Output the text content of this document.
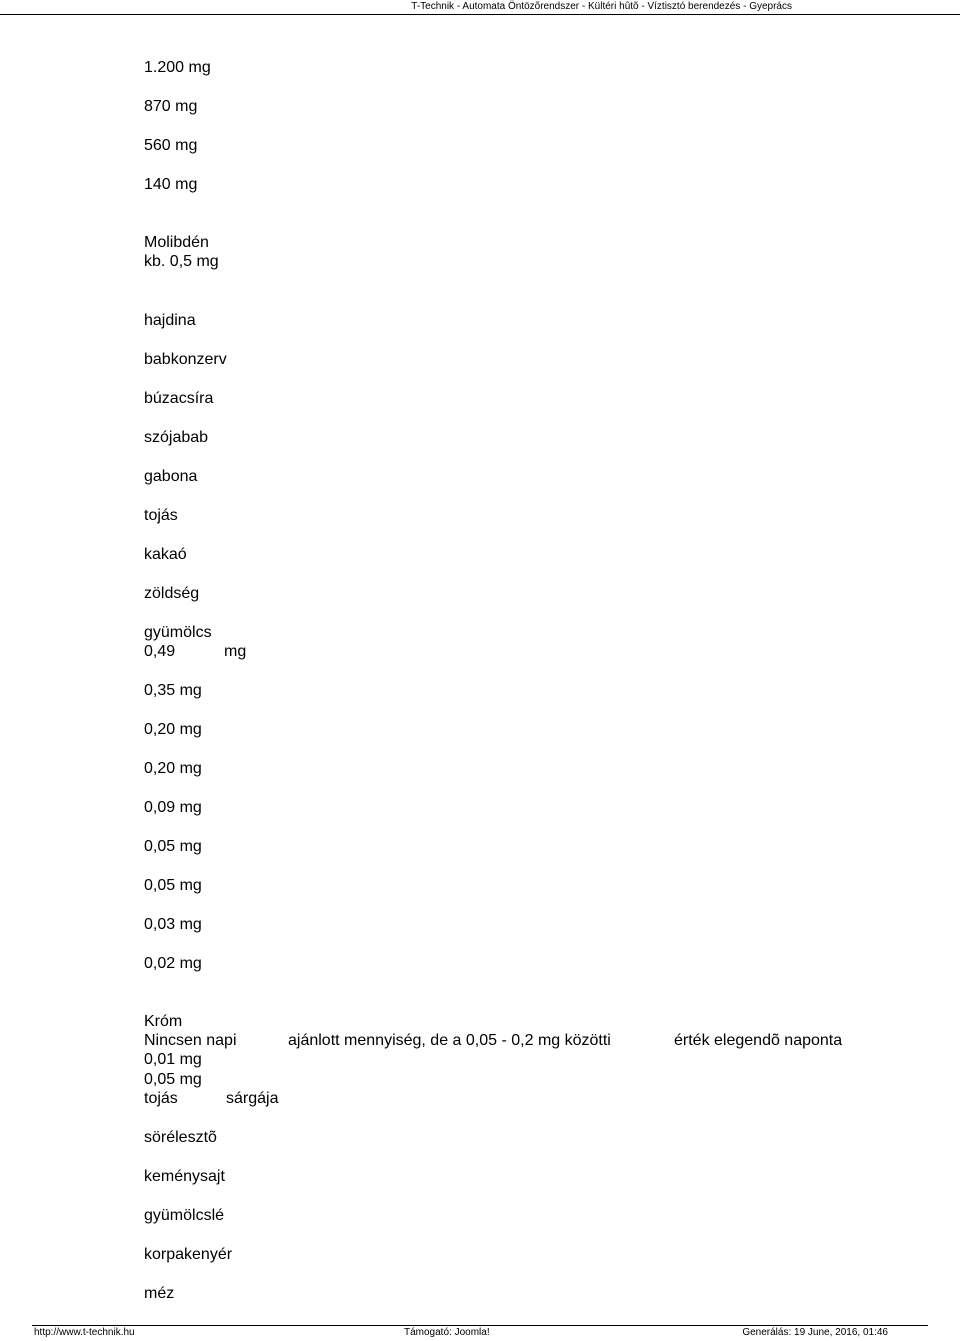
T-Technik - Automata Öntözõrendszer - Kültéri hûtõ - Víztisztó berendezés - Gyeprács
1.200 mg
870 mg
560 mg
140 mg
Molibdén
kb. 0,5 mg
hajdina
babkonzerv
búzacsíra
szójabab
gabona
tojás
kakaó
zöldség
gyümölcs
0,49	mg
0,35 mg
0,20 mg
0,20 mg
0,09 mg
0,05 mg
0,05 mg
0,03 mg
0,02 mg
Króm
Nincsen napi	ajánlott mennyiség, de a 0,05 - 0,2 mg közötti	érték elegendõ naponta
0,01 mg
0,05 mg
tojás	sárgája
sörélesztõ
keménysajt
gyümölcslé
korpakenyér
méz
http://www.t-technik.hu	Támogató: Joomla!	Generálás: 19 June, 2016, 01:46
